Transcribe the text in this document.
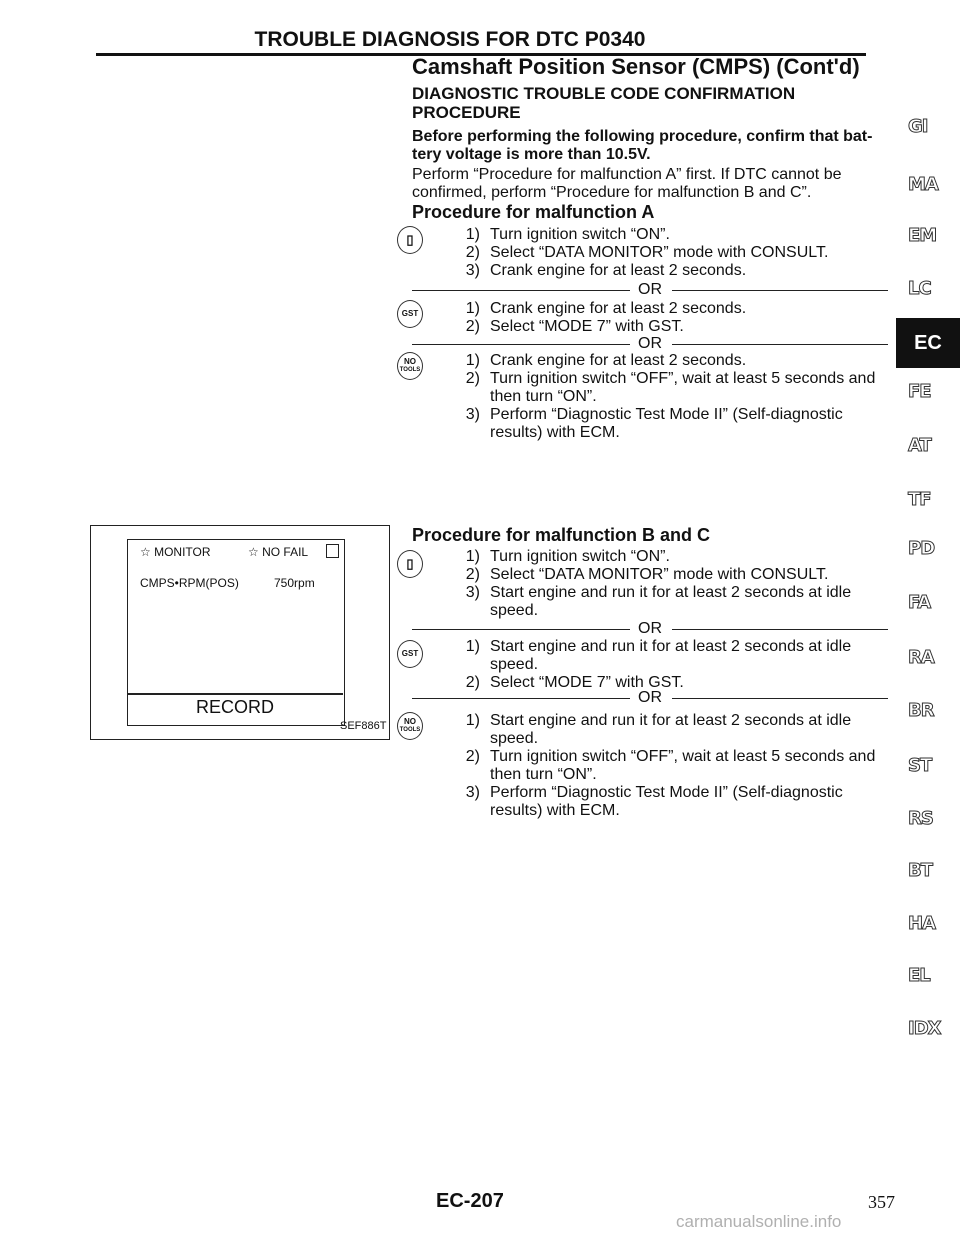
TROUBLE DIAGNOSIS FOR DTC P0340
Camshaft Position Sensor (CMPS) (Cont'd)
DIAGNOSTIC TROUBLE CODE CONFIRMATION
PROCEDURE
Before performing the following procedure, confirm that bat-
tery voltage is more than 10.5V.
Perform “Procedure for malfunction A” first. If DTC cannot be
confirmed, perform “Procedure for malfunction B and C”.
Procedure for malfunction A
▯	1) Turn ignition switch “ON”.
2) Select “DATA MONITOR” mode with CONSULT.
3) Crank engine for at least 2 seconds.
OR
GST	1) Crank engine for at least 2 seconds.
2) Select “MODE 7” with GST.
OR
NO
TOOLS
1) Crank engine for at least 2 seconds.
2) Turn ignition switch “OFF”, wait at least 5 seconds and
then turn “ON”.
3) Perform “Diagnostic Test Mode II” (Self-diagnostic
results) with ECM.
Procedure for malfunction B and C
▯	1) Turn ignition switch “ON”.
2) Select “DATA MONITOR” mode with CONSULT.
3) Start engine and run it for at least 2 seconds at idle
speed.
OR
GST	1) Start engine and run it for at least 2 seconds at idle
speed.
2) Select “MODE 7” with GST.
OR
NO
TOOLS
1) Start engine and run it for at least 2 seconds at idle
speed.
2) Turn ignition switch “OFF”, wait at least 5 seconds and
then turn “ON”.
3) Perform “Diagnostic Test Mode II” (Self-diagnostic
results) with ECM.
☆ MONITOR	☆ NO FAIL
CMPS•RPM(POS)	750rpm
RECORD
SEF886T
GI
MA
EM
LC
EC
FE
AT
TF
PD
FA
RA
BR
ST
RS
BT
HA
EL
IDX
EC-207	357
carmanualsonline.info
